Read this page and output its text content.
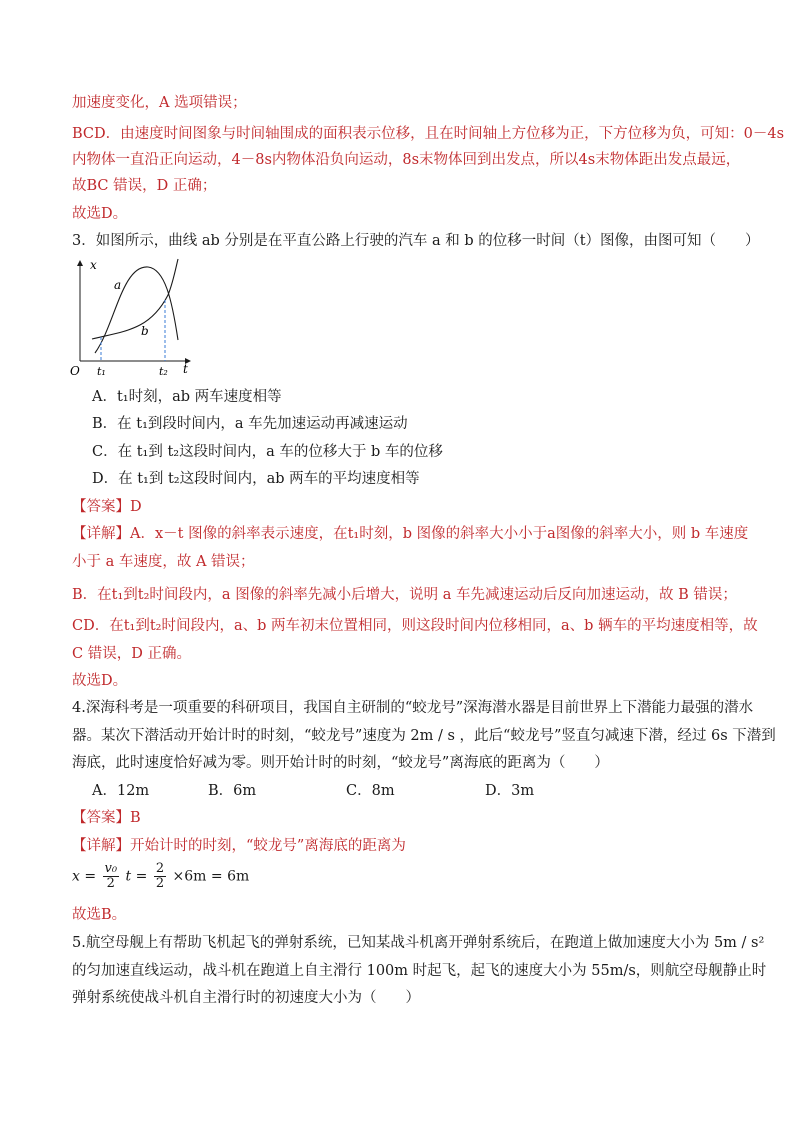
加速度变化，A 选项错误；
BCD．由速度时间图象与时间轴围成的面积表示位移，且在时间轴上方位移为正，下方位移为负，可知：0－4s
内物体一直沿正向运动，4－8s内物体沿负向运动，8s末物体回到出发点，所以4s末物体距出发点最远，
故BC 错误，D 正确；
故选D。
3．如图所示，曲线 ab 分别是在平直公路上行驶的汽车 a 和 b 的位移一时间（t）图像，由图可知（　　）
x
t
O
a
b
t₁	t₂
A．t₁时刻，ab 两车速度相等
B．在 t₁到段时间内，a 车先加速运动再减速运动
C．在 t₁到 t₂这段时间内，a 车的位移大于 b 车的位移
D．在 t₁到 t₂这段时间内，ab 两车的平均速度相等
【答案】D
【详解】A．x－t 图像的斜率表示速度，在t₁时刻，b 图像的斜率大小小于a图像的斜率大小，则 b 车速度
小于 a 车速度，故 A 错误；
B．在t₁到t₂时间段内，a 图像的斜率先减小后增大，说明 a 车先减速运动后反向加速运动，故 B 错误；
CD．在t₁到t₂时间段内，a、b 两车初末位置相同，则这段时间内位移相同，a、b 辆车的平均速度相等，故
C 错误，D 正确。
故选D。
4.深海科考是一项重要的科研项目，我国自主研制的“蛟龙号”深海潜水器是目前世界上下潜能力最强的潜水
器。某次下潜活动开始计时的时刻，“蛟龙号”速度为 2m / s ，此后“蛟龙号”竖直匀减速下潜，经过 6s 下潜到
海底，此时速度恰好减为零。则开始计时的时刻，“蛟龙号”离海底的距离为（　　）
A．12m	B．6m	C．8m	D．3m
【答案】B
【详解】开始计时的时刻，“蛟龙号”离海底的距离为
$x = \frac{\text{v₀}}{2}$ $t = \frac{2}{2} \times 6m = 6m$
故选B。
5.航空母舰上有帮助飞机起飞的弹射系统，已知某战斗机离开弹射系统后，在跑道上做加速度大小为 5m / s²
的匀加速直线运动，战斗机在跑道上自主滑行 100m 时起飞，起飞的速度大小为 55m/s，则航空母舰静止时
弹射系统使战斗机自主滑行时的初速度大小为（　　）
